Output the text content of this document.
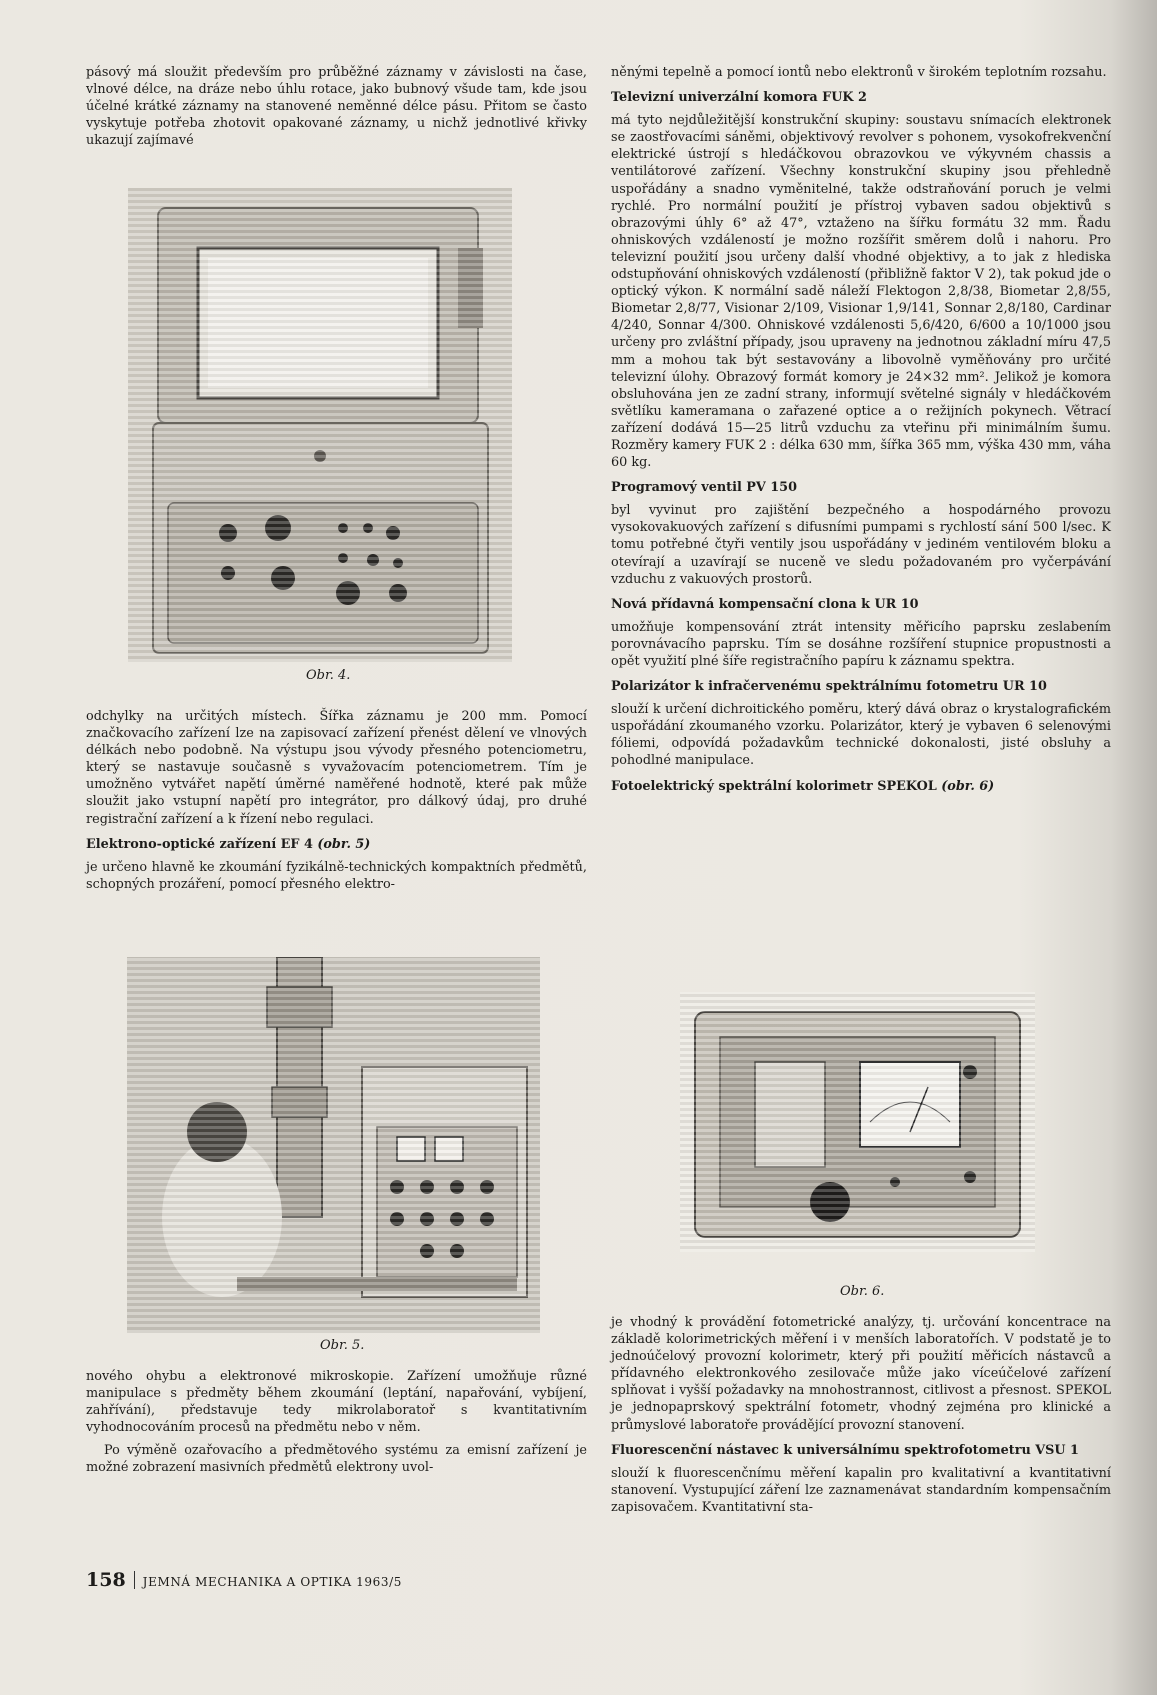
pásový má sloužit především pro průběžné záznamy v závislosti na čase, vlnové délce, na dráze nebo úhlu rotace, jako bubnový všude tam, kde jsou účelné krátké záznamy na stanovené neměnné délce pásu. Přitom se často vyskytuje potřeba zhotovit opakované záznamy, u nichž jednotlivé křivky ukazují zajímavé

Obr. 4.

odchylky na určitých místech. Šířka záznamu je 200 mm. Pomocí značkovacího zařízení lze na zapisovací zařízení přenést dělení ve vlnových délkách nebo podobně. Na výstupu jsou vývody přesného potenciometru, který se nastavuje současně s vyvažovacím potenciometrem. Tím je umožněno vytvářet napětí úměrné naměřené hodnotě, které pak může sloužit jako vstupní napětí pro integrátor, pro dálkový údaj, pro druhé registrační zařízení a k řízení nebo regulaci.

Elektrono-optické zařízení EF 4 (obr. 5)

je určeno hlavně ke zkoumání fyzikálně-technických kompaktních předmětů, schopných prozáření, pomocí přesného elektro-

Obr. 5.

nového ohybu a elektronové mikroskopie. Zařízení umožňuje různé manipulace s předměty během zkoumání (leptání, napařování, vybíjení, zahřívání), představuje tedy mikrolaboratoř s kvantitativním vyhodnocováním procesů na předmětu nebo v něm.

Po výměně ozařovacího a předmětového systému za emisní zařízení je možné zobrazení masivních předmětů elektrony uvol-

něnými tepelně a pomocí iontů nebo elektronů v širokém teplotním rozsahu.

Televizní univerzální komora FUK 2

má tyto nejdůležitější konstrukční skupiny: soustavu snímacích elektronek se zaostřovacími sáněmi, objektivový revolver s pohonem, vysokofrekvenční elektrické ústrojí s hledáčkovou obrazovkou ve výkyvném chassis a ventilátorové zařízení. Všechny konstrukční skupiny jsou přehledně uspořádány a snadno vyměnitelné, takže odstraňování poruch je velmi rychlé. Pro normální použití je přístroj vybaven sadou objektivů s obrazovými úhly 6° až 47°, vztaženo na šířku formátu 32 mm. Řadu ohniskových vzdáleností je možno rozšířit směrem dolů i nahoru. Pro televizní použití jsou určeny další vhodné objektivy, a to jak z hlediska odstupňování ohniskových vzdáleností (přibližně faktor V 2), tak pokud jde o optický výkon. K normální sadě náleží Flektogon 2,8/38, Biometar 2,8/55, Biometar 2,8/77, Visionar 2/109, Visionar 1,9/141, Sonnar 2,8/180, Cardinar 4/240, Sonnar 4/300. Ohniskové vzdálenosti 5,6/420, 6/600 a 10/1000 jsou určeny pro zvláštní případy, jsou upraveny na jednotnou základní míru 47,5 mm a mohou tak být sestavovány a libovolně vyměňovány pro určité televizní úlohy. Obrazový formát komory je 24×32 mm². Jelikož je komora obsluhována jen ze zadní strany, informují světelné signály v hledáčkovém světlíku kameramana o zařazené optice a o režijních pokynech. Větrací zařízení dodává 15—25 litrů vzduchu za vteřinu při minimálním šumu. Rozměry kamery FUK 2 : délka 630 mm, šířka 365 mm, výška 430 mm, váha 60 kg.

Programový ventil PV 150

byl vyvinut pro zajištění bezpečného a hospodárného provozu vysokovakuových zařízení s difusními pumpami s rychlostí sání 500 l/sec. K tomu potřebné čtyři ventily jsou uspořádány v jediném ventilovém bloku a otevírají a uzavírají se nuceně ve sledu požadovaném pro vyčerpávání vzduchu z vakuových prostorů.

Nová přídavná kompensační clona k UR 10

umožňuje kompensování ztrát intensity měřicího paprsku zeslabením porovnávacího paprsku. Tím se dosáhne rozšíření stupnice propustnosti a opět využití plné šíře registračního papíru k záznamu spektra.

Polarizátor k infračervenému spektrálnímu fotometru UR 10

slouží k určení dichroitického poměru, který dává obraz o krystalografickém uspořádání zkoumaného vzorku. Polarizátor, který je vybaven 6 selenovými fóliemi, odpovídá požadavkům technické dokonalosti, jisté obsluhy a pohodlné manipulace.

Fotoelektrický spektrální kolorimetr SPEKOL (obr. 6)
Obr. 6.

je vhodný k provádění fotometrické analýzy, tj. určování koncentrace na základě kolorimetrických měření i v menších laboratořích. V podstatě je to jednoúčelový provozní kolorimetr, který při použití měřicích nástavců a přídavného elektronkového zesilovače může jako víceúčelové zařízení splňovat i vyšší požadavky na mnohostrannost, citlivost a přesnost. SPEKOL je jednopaprskový spektrální fotometr, vhodný zejména pro klinické a průmyslové laboratoře provádějící provozní stanovení.

Fluorescenční nástavec k universálnímu spektrofotometru VSU 1

slouží k fluorescenčnímu měření kapalin pro kvalitativní a kvantitativní stanovení. Vystupující záření lze zaznamenávat standardním kompensačním zapisovačem. Kvantitativní sta-

158 JEMNÁ MECHANIKA A OPTIKA 1963/5
